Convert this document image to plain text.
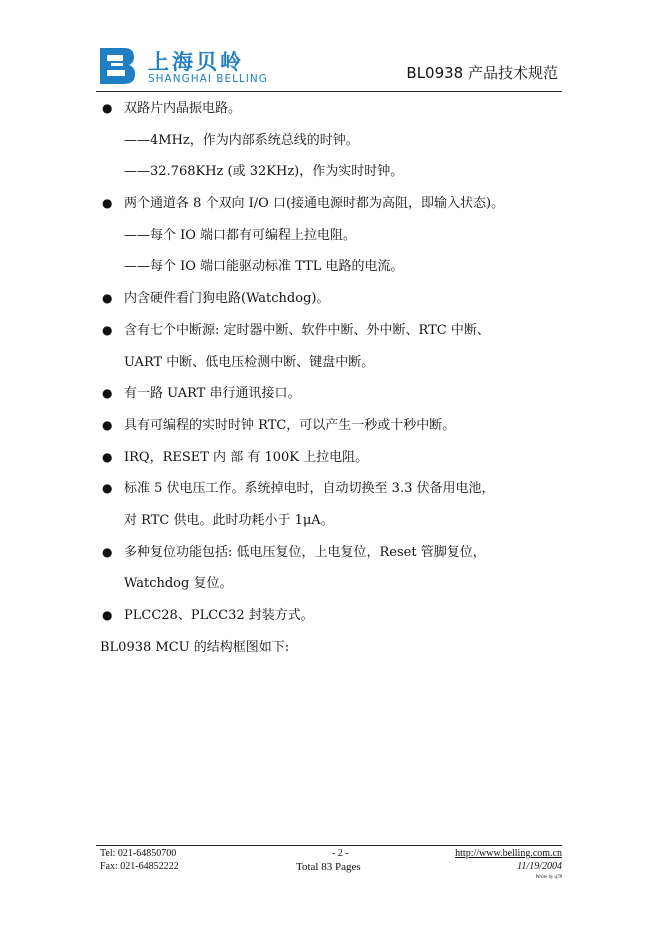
上海贝岭
SHANGHAI BELLING	BL0938 产品技术规范
● 双路片内晶振电路。
——4MHz，作为内部系统总线的时钟。
——32.768KHz (或 32KHz)，作为实时时钟。
● 两个通道各 8 个双向 I/O 口(接通电源时都为高阻，即输入状态)。
——每个 IO 端口都有可编程上拉电阻。
——每个 IO 端口能驱动标准 TTL 电路的电流。
● 内含硬件看门狗电路(Watchdog)。
● 含有七个中断源: 定时器中断、软件中断、外中断、RTC 中断、
UART 中断、低电压检测中断、键盘中断。
● 有一路 UART 串行通讯接口。
● 具有可编程的实时时钟 RTC，可以产生一秒或十秒中断。
● IRQ，RESET 内 部 有 100K 上拉电阻。
● 标准 5 伏电压工作。系统掉电时，自动切换至 3.3 伏备用电池，
对 RTC 供电。此时功耗小于 1μA。
● 多种复位功能包括: 低电压复位，上电复位，Reset 管脚复位，
Watchdog 复位。
● PLCC28、PLCC32 封装方式。
BL0938 MCU 的结构框图如下:
Tel: 021-64850700
Fax: 021-64852222
- 2 -
Total 83 Pages
http://www.belling.com.cn
11/19/2004
Wrote by q78
